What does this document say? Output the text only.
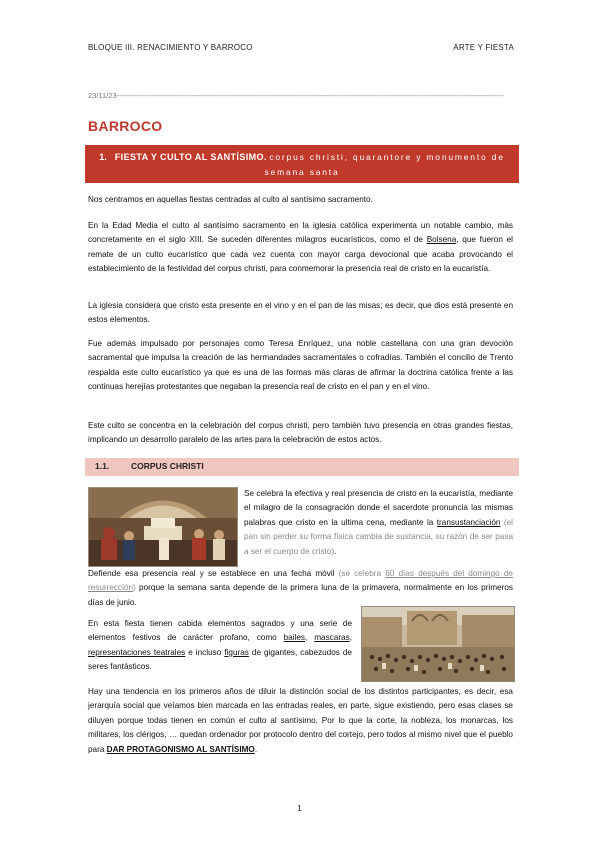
BLOQUE III. RENACIMIENTO Y BARROCO	ARTE Y FIESTA
23/11/23-----------------------------------------------------------------------------------------------------------------------------------------------------------
BARROCO
1. FIESTA Y CULTO AL SANTÍSIMO. corpus christi, quarantore y monumento de
semana santa
Nos centramos en aquellas fiestas centradas al culto al santísimo sacramento.
En la Edad Media el culto al santísimo sacramento en la iglesia católica experimenta un notable cambio, más concretamente en el siglo XIII. Se suceden diferentes milagros eucarísticos, como el de Bolsena, que fueron el remate de un culto eucarístico que cada vez cuenta con mayor carga devocional que acaba provocando el establecimiento de la festividad del corpus christi, para conmemorar la presencia real de cristo en la eucaristía.
La iglesia considera que cristo esta presente en el vino y en el pan de las misas; es decir, que dios está presente en estos elementos.
Fue además impulsado por personajes como Teresa Enríquez, una noble castellana con una gran devoción sacramental que impulsa la creación de las hermandades sacramentales o cofradías. También el concilio de Trento respalda este culto eucarístico ya que es una de las formas más claras de afirmar la doctrina católica frente a las continuas herejías protestantes que negaban la presencia real de cristo en el pan y en el vino.
Este culto se concentra en la celebración del corpus christi, pero también tuvo presencia en otras grandes fiestas, implicando un desarrollo paralelo de las artes para la celebración de estos actos.
1.1.	CORPUS CHRISTI
Se celebra la efectiva y real presencia de cristo en la eucaristía, mediante el milagro de la consagración donde el sacerdote pronuncia las mismas palabras que cristo en la ultima cena, mediante la transustanciación (el pan sin perder su forma física cambia de sustancia, su razón de ser pasa a ser el cuerpo de cristo).
Defiende esa presencia real y se establece en una fecha móvil (se celebra 60 días después del domingo de resurrección) porque la semana santa depende de la primera luna de la primavera, normalmente en los primeros días de junio.
En esta fiesta tienen cabida elementos sagrados y una serie de elementos festivos de carácter profano, como bailes, mascaras, representaciones teatrales e incluso figuras de gigantes, cabezudos de seres fantásticos.
Hay una tendencia en los primeros años de diluir la distinción social de los distintos participantes, es decir, esa jerarquía social que veíamos bien marcada en las entradas reales, en parte, sigue existiendo, pero esas clases se diluyen porque todas tienen en común el culto al santísimo. Por lo que la corte, la nobleza, los monarcas, los militares, los clérigos, … quedan ordenador por protocolo dentro del cortejo, pero todos al mismo nivel que el pueblo para DAR PROTAGONISMO AL SANTÍSIMO.
1
